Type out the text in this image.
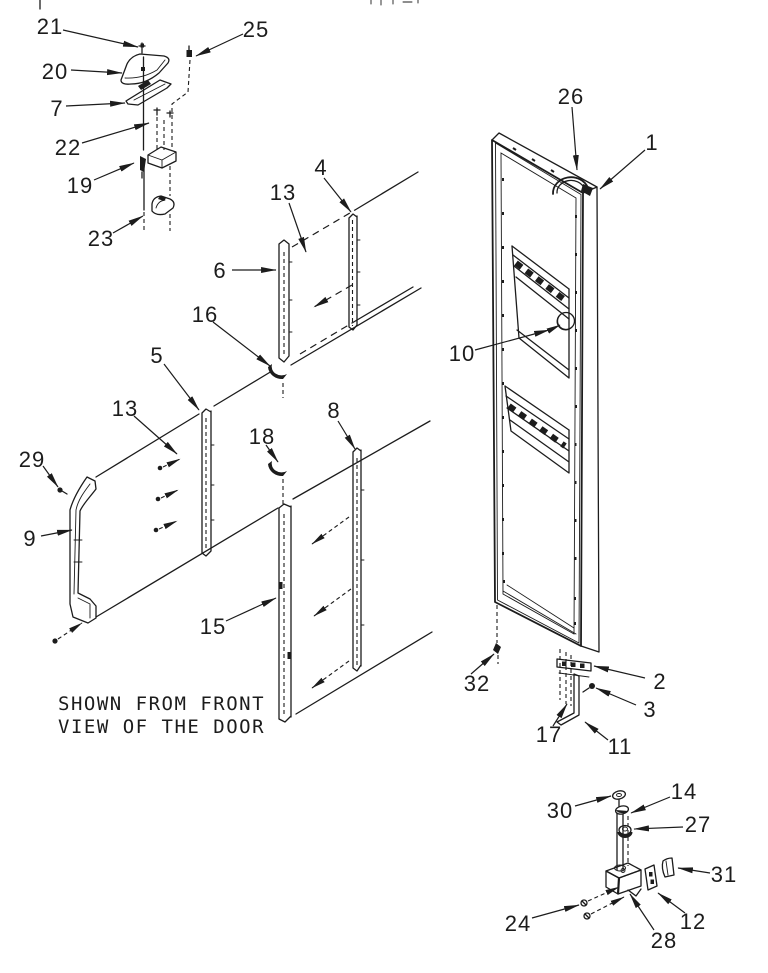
SHOWN FROM FRONT
VIEW OF THE DOOR
21	25
20
7
22
19
23
13
4
6
16
5
13
18
29
9
15
8
26
1
10
32	2
3
17 11
30
14
27
31
12
24
28
